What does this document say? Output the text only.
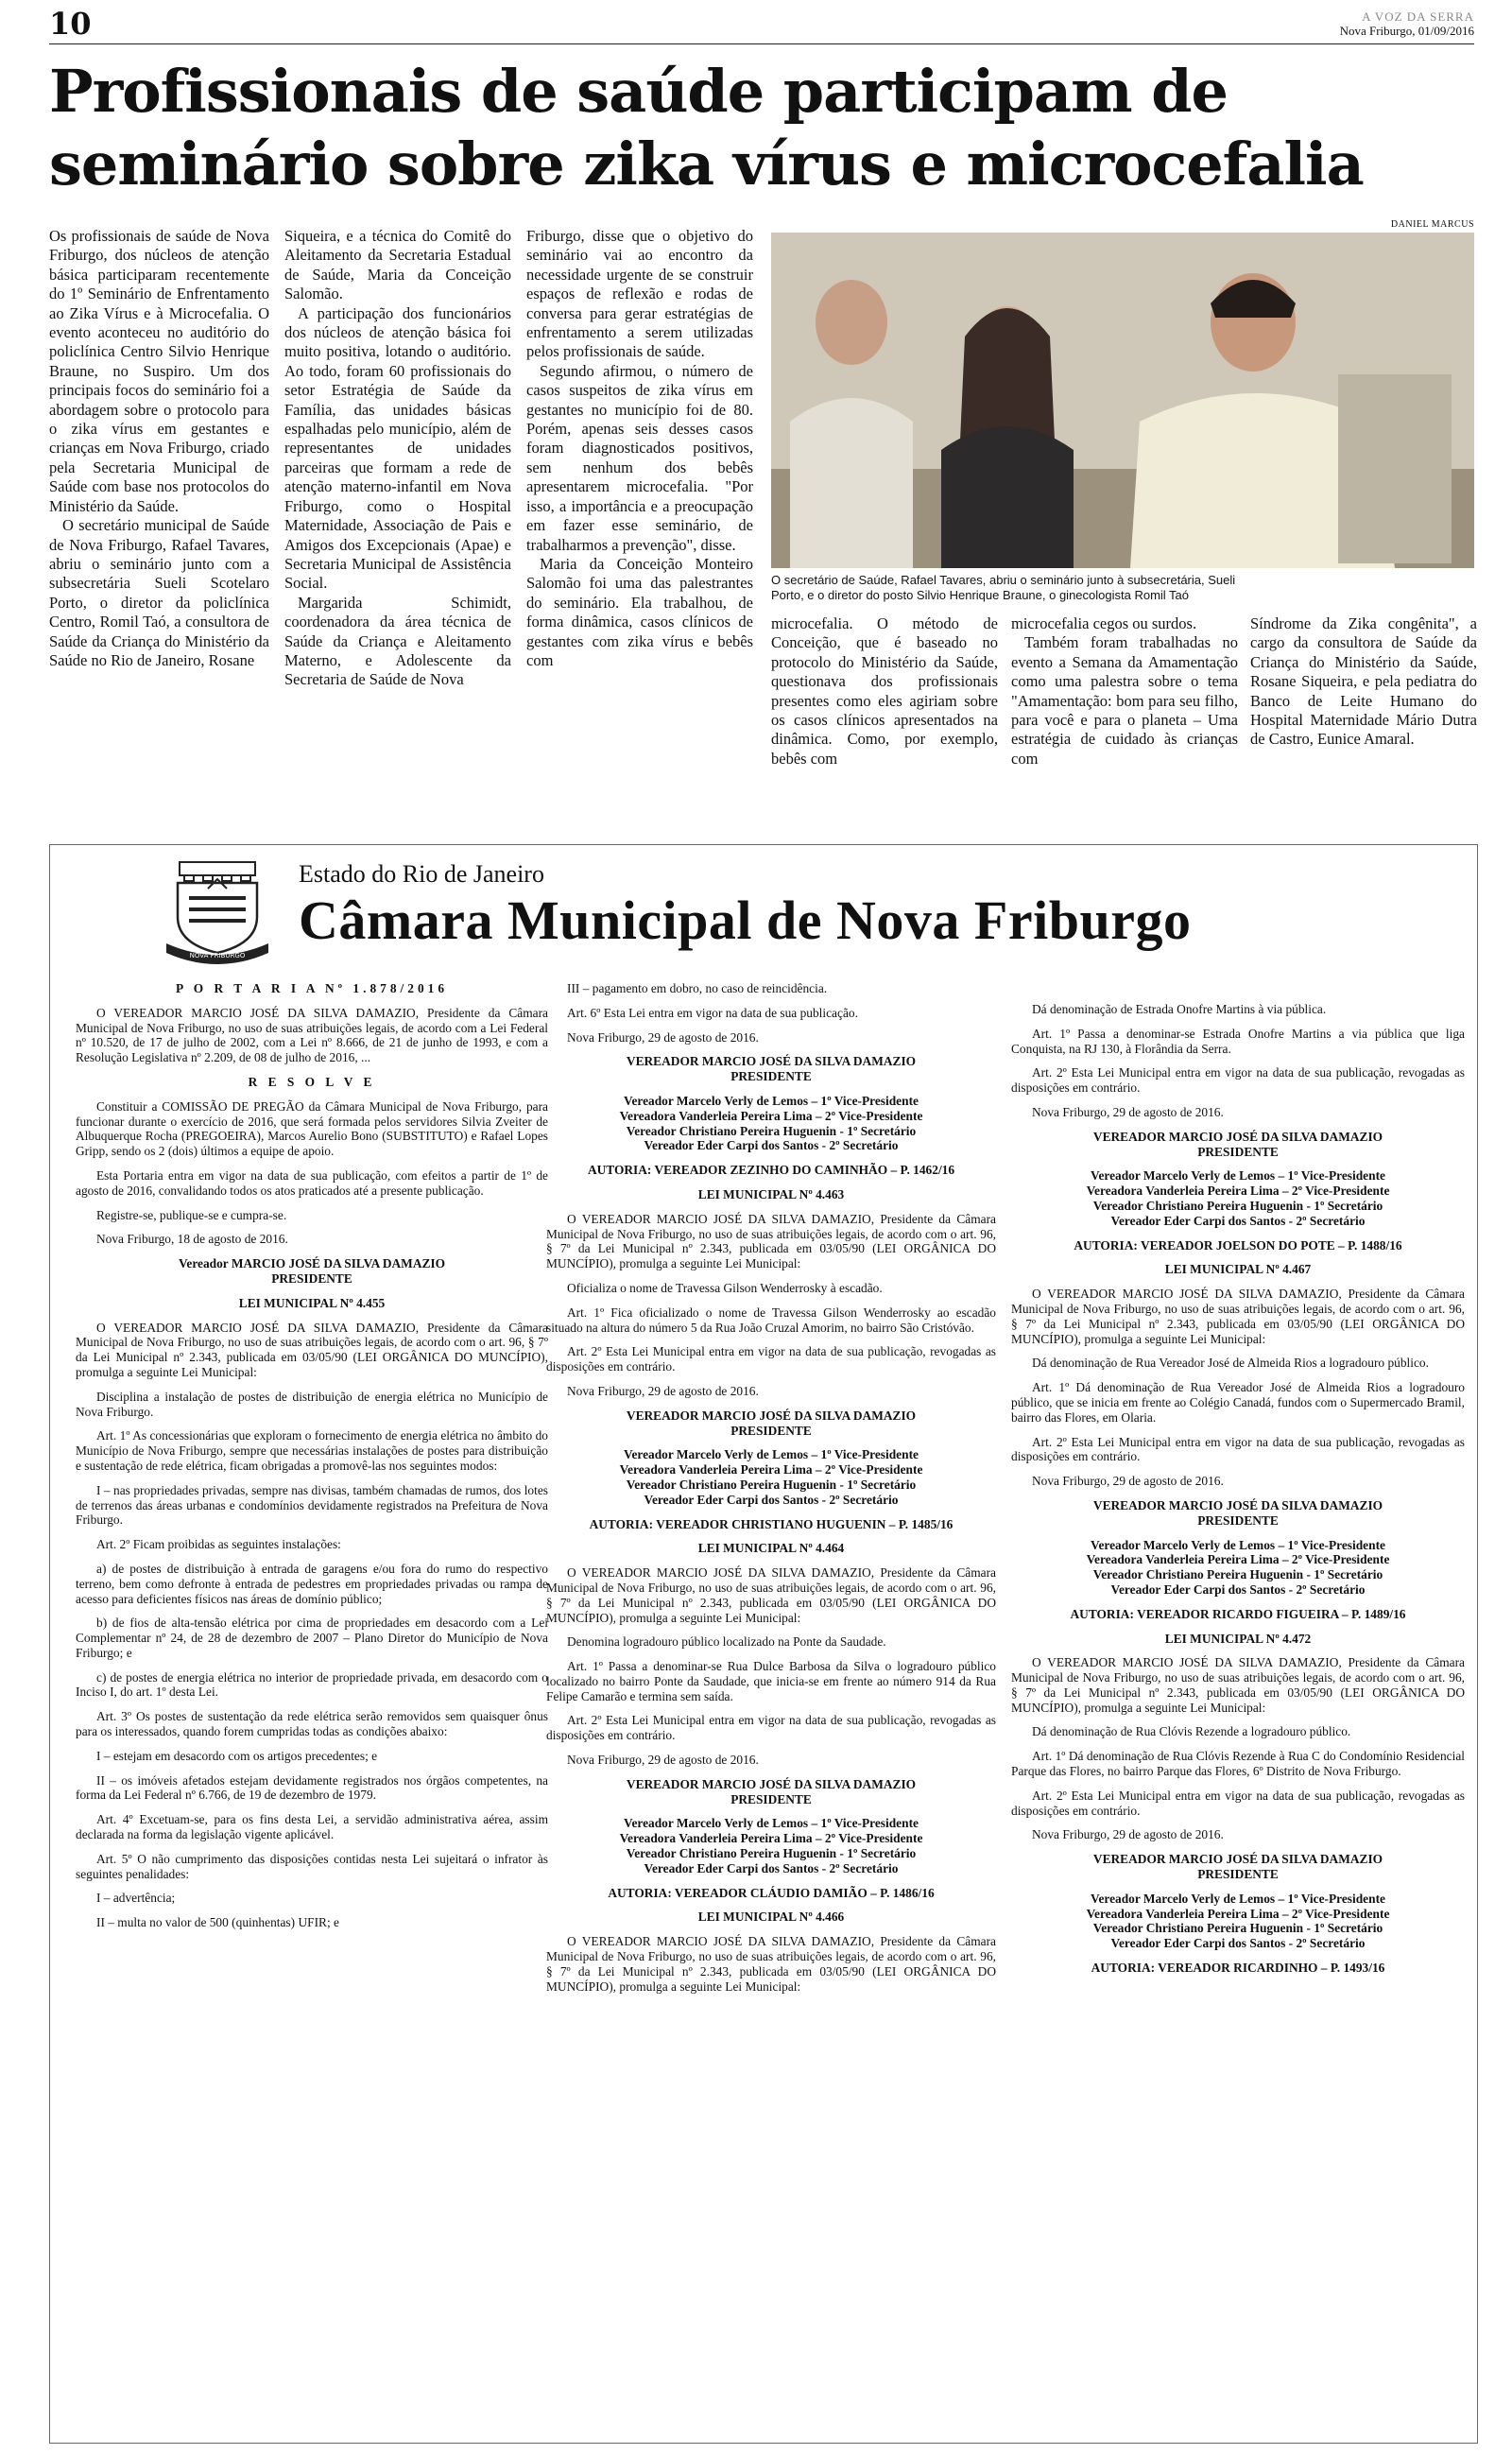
10	A VOZ DA SERRA
Nova Friburgo, 01/09/2016
Profissionais de saúde participam de seminário sobre zika vírus e microcefalia

Os profissionais de saúde de Nova Friburgo, dos núcleos de atenção básica participaram recentemente do 1º Seminário de Enfrentamento ao Zika Vírus e à Microcefalia. O evento aconteceu no auditório do policlínica Centro Silvio Henrique Braune, no Suspiro. Um dos principais focos do seminário foi a abordagem sobre o protocolo para o zika vírus em gestantes e crianças em Nova Friburgo, criado pela Secretaria Municipal de Saúde com base nos protocolos do Ministério da Saúde.

O secretário municipal de Saúde de Nova Friburgo, Rafael Tavares, abriu o seminário junto com a subsecretária Sueli Scotelaro Porto, o diretor da policlínica Centro, Romil Taó, a consultora de Saúde da Criança do Ministério da Saúde no Rio de Janeiro, Rosane

Siqueira, e a técnica do Comitê do Aleitamento da Secretaria Estadual de Saúde, Maria da Conceição Salomão.

A participação dos funcionários dos núcleos de atenção básica foi muito positiva, lotando o auditório. Ao todo, foram 60 profissionais do setor Estratégia de Saúde da Família, das unidades básicas espalhadas pelo município, além de representantes de unidades parceiras que formam a rede de atenção materno-infantil em Nova Friburgo, como o Hospital Maternidade, Associação de Pais e Amigos dos Excepcionais (Apae) e Secretaria Municipal de Assistência Social.

Margarida Schimidt, coordenadora da área técnica de Saúde da Criança e Aleitamento Materno, e Adolescente da Secretaria de Saúde de Nova

Friburgo, disse que o objetivo do seminário vai ao encontro da necessidade urgente de se construir espaços de reflexão e rodas de conversa para gerar estratégias de enfrentamento a serem utilizadas pelos profissionais de saúde.

Segundo afirmou, o número de casos suspeitos de zika vírus em gestantes no município foi de 80. Porém, apenas seis desses casos foram diagnosticados positivos, sem nenhum dos bebês apresentarem microcefalia. "Por isso, a importância e a preocupação em fazer esse seminário, de trabalharmos a prevenção", disse.

Maria da Conceição Monteiro Salomão foi uma das palestrantes do seminário. Ela trabalhou, de forma dinâmica, casos clínicos de gestantes com zika vírus e bebês com

DANIEL MARCUS
O secretário de Saúde, Rafael Tavares, abriu o seminário junto à subsecretária, Sueli Porto, e o diretor do posto Silvio Henrique Braune, o ginecologista Romil Taó

microcefalia. O método de Conceição, que é baseado no protocolo do Ministério da Saúde, questionava dos profissionais presentes como eles agiriam sobre os casos clínicos apresentados na dinâmica. Como, por exemplo, bebês com

microcefalia cegos ou surdos.

Também foram trabalhadas no evento a Semana da Amamentação como uma palestra sobre o tema "Amamentação: bom para seu filho, para você e para o planeta – Uma estratégia de cuidado às crianças com

Síndrome da Zika congênita", a cargo da consultora de Saúde da Criança do Ministério da Saúde, Rosane Siqueira, e pela pediatra do Banco de Leite Humano do Hospital Maternidade Mário Dutra de Castro, Eunice Amaral.

NOVA FRIBURGO
Estado do Rio de Janeiro
Câmara Municipal de Nova Friburgo

P O R T A R I A Nº 1.878/2016

O VEREADOR MARCIO JOSÉ DA SILVA DAMAZIO, Presidente da Câmara Municipal de Nova Friburgo, no uso de suas atribuições legais, de acordo com a Lei Federal nº 10.520, de 17 de julho de 2002, com a Lei nº 8.666, de 21 de junho de 1993, e com a Resolução Legislativa nº 2.209, de 08 de julho de 2016, ...

R E S O L V E

Constituir a COMISSÃO DE PREGÃO da Câmara Municipal de Nova Friburgo, para funcionar durante o exercício de 2016, que será formada pelos servidores Silvia Zveiter de Albuquerque Rocha (PREGOEIRA), Marcos Aurelio Bono (SUBSTITUTO) e Rafael Lopes Gripp, sendo os 2 (dois) últimos a equipe de apoio.

Esta Portaria entra em vigor na data de sua publicação, com efeitos a partir de 1º de agosto de 2016, convalidando todos os atos praticados até a presente publicação.

Registre-se, publique-se e cumpra-se.

Nova Friburgo, 18 de agosto de 2016.

Vereador MARCIO JOSÉ DA SILVA DAMAZIO

PRESIDENTE

LEI MUNICIPAL Nº 4.455

O VEREADOR MARCIO JOSÉ DA SILVA DAMAZIO, Presidente da Câmara Municipal de Nova Friburgo, no uso de suas atribuições legais, de acordo com o art. 96, § 7º da Lei Municipal nº 2.343, publicada em 03/05/90 (LEI ORGÂNICA DO MUNCÍPIO), promulga a seguinte Lei Municipal:

Disciplina a instalação de postes de distribuição de energia elétrica no Município de Nova Friburgo.

Art. 1º As concessionárias que exploram o fornecimento de energia elétrica no âmbito do Município de Nova Friburgo, sempre que necessárias instalações de postes para distribuição e sustentação de rede elétrica, ficam obrigadas a promovê-las nos seguintes modos:

I – nas propriedades privadas, sempre nas divisas, também chamadas de rumos, dos lotes de terrenos das áreas urbanas e condomínios devidamente registrados na Prefeitura de Nova Friburgo.

Art. 2º Ficam proibidas as seguintes instalações:

a) de postes de distribuição à entrada de garagens e/ou fora do rumo do respectivo terreno, bem como defronte à entrada de pedestres em propriedades privadas ou rampa de acesso para deficientes físicos nas áreas de domínio público;

b) de fios de alta-tensão elétrica por cima de propriedades em desacordo com a Lei Complementar nº 24, de 28 de dezembro de 2007 – Plano Diretor do Município de Nova Friburgo; e

c) de postes de energia elétrica no interior de propriedade privada, em desacordo com o Inciso I, do art. 1º desta Lei.

Art. 3º Os postes de sustentação da rede elétrica serão removidos sem quaisquer ônus para os interessados, quando forem cumpridas todas as condições abaixo:

I – estejam em desacordo com os artigos precedentes; e

II – os imóveis afetados estejam devidamente registrados nos órgãos competentes, na forma da Lei Federal nº 6.766, de 19 de dezembro de 1979.

Art. 4º Excetuam-se, para os fins desta Lei, a servidão administrativa aérea, assim declarada na forma da legislação vigente aplicável.

Art. 5º O não cumprimento das disposições contidas nesta Lei sujeitará o infrator às seguintes penalidades:

I – advertência;

II – multa no valor de 500 (quinhentas) UFIR; e

III – pagamento em dobro, no caso de reincidência.

Art. 6º Esta Lei entra em vigor na data de sua publicação.

Nova Friburgo, 29 de agosto de 2016.

VEREADOR MARCIO JOSÉ DA SILVA DAMAZIO

PRESIDENTE

Vereador Marcelo Verly de Lemos – 1º Vice-Presidente

Vereadora Vanderleia Pereira Lima – 2º Vice-Presidente

Vereador Christiano Pereira Huguenin - 1º Secretário

Vereador Eder Carpi dos Santos - 2º Secretário

AUTORIA: VEREADOR ZEZINHO DO CAMINHÃO – P. 1462/16

LEI MUNICIPAL Nº 4.463

O VEREADOR MARCIO JOSÉ DA SILVA DAMAZIO, Presidente da Câmara Municipal de Nova Friburgo, no uso de suas atribuições legais, de acordo com o art. 96, § 7º da Lei Municipal nº 2.343, publicada em 03/05/90 (LEI ORGÂNICA DO MUNCÍPIO), promulga a seguinte Lei Municipal:

Oficializa o nome de Travessa Gilson Wenderrosky à escadão.

Art. 1º Fica oficializado o nome de Travessa Gilson Wenderrosky ao escadão situado na altura do número 5 da Rua João Cruzal Amorim, no bairro São Cristóvão.

Art. 2º Esta Lei Municipal entra em vigor na data de sua publicação, revogadas as disposições em contrário.

Nova Friburgo, 29 de agosto de 2016.

VEREADOR MARCIO JOSÉ DA SILVA DAMAZIO

PRESIDENTE

Vereador Marcelo Verly de Lemos – 1º Vice-Presidente

Vereadora Vanderleia Pereira Lima – 2º Vice-Presidente

Vereador Christiano Pereira Huguenin - 1º Secretário

Vereador Eder Carpi dos Santos - 2º Secretário

AUTORIA: VEREADOR CHRISTIANO HUGUENIN – P. 1485/16

LEI MUNICIPAL Nº 4.464

O VEREADOR MARCIO JOSÉ DA SILVA DAMAZIO, Presidente da Câmara Municipal de Nova Friburgo, no uso de suas atribuições legais, de acordo com o art. 96, § 7º da Lei Municipal nº 2.343, publicada em 03/05/90 (LEI ORGÂNICA DO MUNCÍPIO), promulga a seguinte Lei Municipal:

Denomina logradouro público localizado na Ponte da Saudade.

Art. 1º Passa a denominar-se Rua Dulce Barbosa da Silva o logradouro público localizado no bairro Ponte da Saudade, que inicia-se em frente ao número 914 da Rua Felipe Camarão e termina sem saída.

Art. 2º Esta Lei Municipal entra em vigor na data de sua publicação, revogadas as disposições em contrário.

Nova Friburgo, 29 de agosto de 2016.

VEREADOR MARCIO JOSÉ DA SILVA DAMAZIO

PRESIDENTE

Vereador Marcelo Verly de Lemos – 1º Vice-Presidente

Vereadora Vanderleia Pereira Lima – 2º Vice-Presidente

Vereador Christiano Pereira Huguenin - 1º Secretário

Vereador Eder Carpi dos Santos - 2º Secretário

AUTORIA: VEREADOR CLÁUDIO DAMIÃO – P. 1486/16

LEI MUNICIPAL Nº 4.466

O VEREADOR MARCIO JOSÉ DA SILVA DAMAZIO, Presidente da Câmara Municipal de Nova Friburgo, no uso de suas atribuições legais, de acordo com o art. 96, § 7º da Lei Municipal nº 2.343, publicada em 03/05/90 (LEI ORGÂNICA DO MUNCÍPIO), promulga a seguinte Lei Municipal:

Dá denominação de Estrada Onofre Martins à via pública.

Art. 1º Passa a denominar-se Estrada Onofre Martins a via pública que liga Conquista, na RJ 130, à Florândia da Serra.

Art. 2º Esta Lei Municipal entra em vigor na data de sua publicação, revogadas as disposições em contrário.

Nova Friburgo, 29 de agosto de 2016.

VEREADOR MARCIO JOSÉ DA SILVA DAMAZIO

PRESIDENTE

Vereador Marcelo Verly de Lemos – 1º Vice-Presidente

Vereadora Vanderleia Pereira Lima – 2º Vice-Presidente

Vereador Christiano Pereira Huguenin - 1º Secretário

Vereador Eder Carpi dos Santos - 2º Secretário

AUTORIA: VEREADOR JOELSON DO POTE – P. 1488/16

LEI MUNICIPAL Nº 4.467

O VEREADOR MARCIO JOSÉ DA SILVA DAMAZIO, Presidente da Câmara Municipal de Nova Friburgo, no uso de suas atribuições legais, de acordo com o art. 96, § 7º da Lei Municipal nº 2.343, publicada em 03/05/90 (LEI ORGÂNICA DO MUNCÍPIO), promulga a seguinte Lei Municipal:

Dá denominação de Rua Vereador José de Almeida Rios a logradouro público.

Art. 1º Dá denominação de Rua Vereador José de Almeida Rios a logradouro público, que se inicia em frente ao Colégio Canadá, fundos com o Supermercado Bramil, bairro das Flores, em Olaria.

Art. 2º Esta Lei Municipal entra em vigor na data de sua publicação, revogadas as disposições em contrário.

Nova Friburgo, 29 de agosto de 2016.

VEREADOR MARCIO JOSÉ DA SILVA DAMAZIO

PRESIDENTE

Vereador Marcelo Verly de Lemos – 1º Vice-Presidente

Vereadora Vanderleia Pereira Lima – 2º Vice-Presidente

Vereador Christiano Pereira Huguenin - 1º Secretário

Vereador Eder Carpi dos Santos - 2º Secretário

AUTORIA: VEREADOR RICARDO FIGUEIRA – P. 1489/16

LEI MUNICIPAL Nº 4.472

O VEREADOR MARCIO JOSÉ DA SILVA DAMAZIO, Presidente da Câmara Municipal de Nova Friburgo, no uso de suas atribuições legais, de acordo com o art. 96, § 7º da Lei Municipal nº 2.343, publicada em 03/05/90 (LEI ORGÂNICA DO MUNCÍPIO), promulga a seguinte Lei Municipal:

Dá denominação de Rua Clóvis Rezende a logradouro público.

Art. 1º Dá denominação de Rua Clóvis Rezende à Rua C do Condomínio Residencial Parque das Flores, no bairro Parque das Flores, 6º Distrito de Nova Friburgo.

Art. 2º Esta Lei Municipal entra em vigor na data de sua publicação, revogadas as disposições em contrário.

Nova Friburgo, 29 de agosto de 2016.

VEREADOR MARCIO JOSÉ DA SILVA DAMAZIO

PRESIDENTE

Vereador Marcelo Verly de Lemos – 1º Vice-Presidente

Vereadora Vanderleia Pereira Lima – 2º Vice-Presidente

Vereador Christiano Pereira Huguenin - 1º Secretário

Vereador Eder Carpi dos Santos - 2º Secretário

AUTORIA: VEREADOR RICARDINHO – P. 1493/16
